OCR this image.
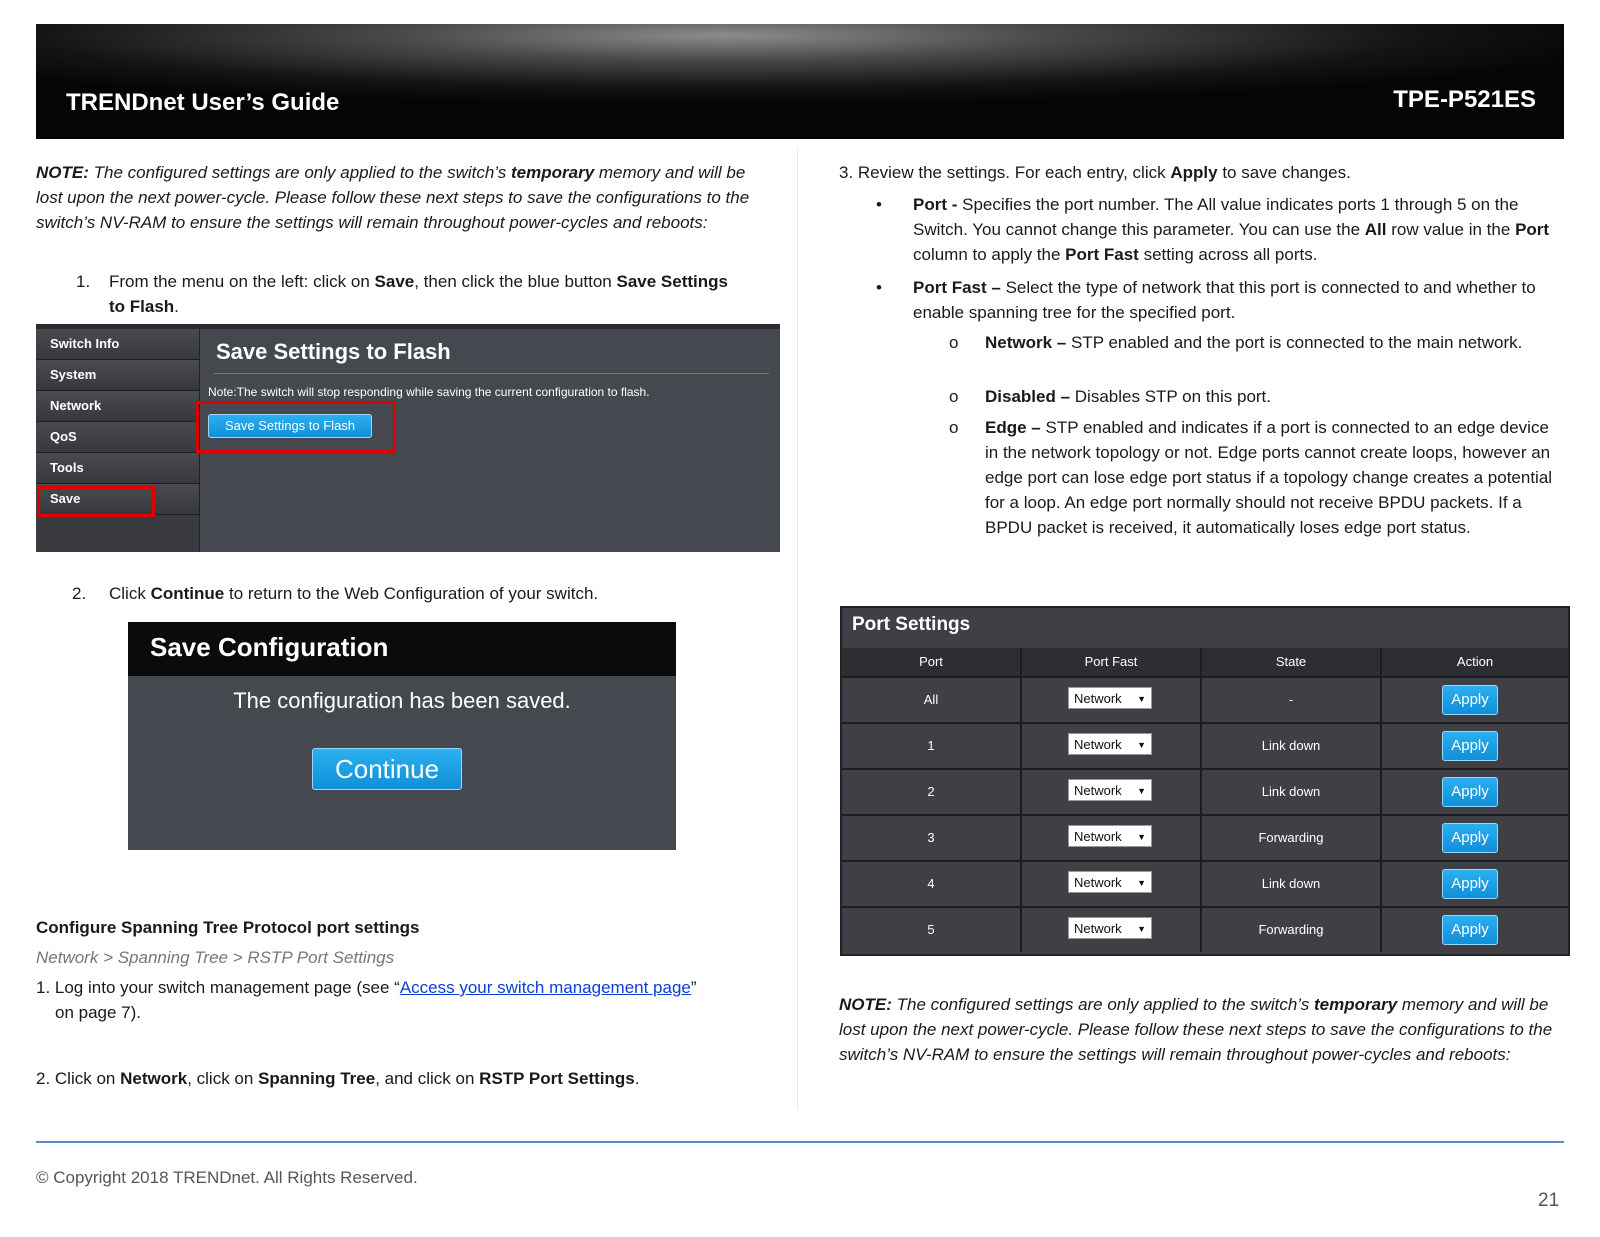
TRENDnet User’s Guide	TPE-P521ES
NOTE: The configured settings are only applied to the switch’s temporary memory and will be lost upon the next power-cycle. Please follow these next steps to save the configurations to the switch’s NV-RAM to ensure the settings will remain throughout power-cycles and reboots:
1. From the menu on the left: click on Save, then click the blue button Save Settings to Flash.
Switch Info
System
Network
QoS
Tools
Save
Save Settings to Flash
Note:The switch will stop responding while saving the current configuration to flash.
Save Settings to Flash
2. Click Continue to return to the Web Configuration of your switch.
Save Configuration
The configuration has been saved.
Continue
Configure Spanning Tree Protocol port settings
Network > Spanning Tree > RSTP Port Settings
1. Log into your switch management page (see “Access your switch management page”
on page 7).
2. Click on Network, click on Spanning Tree, and click on RSTP Port Settings.
3. Review the settings. For each entry, click Apply to save changes.
• Port - Specifies the port number. The All value indicates ports 1 through 5 on the Switch. You cannot change this parameter. You can use the All row value in the Port column to apply the Port Fast setting across all ports.
• Port Fast – Select the type of network that this port is connected to and whether to enable spanning tree for the specified port.
o Network – STP enabled and the port is connected to the main network.
o Disabled – Disables STP on this port.
o Edge – STP enabled and indicates if a port is connected to an edge device in the network topology or not. Edge ports cannot create loops, however an edge port can lose edge port status if a topology change creates a potential for a loop. An edge port normally should not receive BPDU packets. If a BPDU packet is received, it automatically loses edge port status.
Port Settings
Port	Port Fast	State	Action
All	Network ▼	-	Apply
1	Network ▼	Link down	Apply
2	Network ▼	Link down	Apply
3	Network ▼	Forwarding	Apply
4	Network ▼	Link down	Apply
5	Network ▼	Forwarding	Apply
NOTE: The configured settings are only applied to the switch’s temporary memory and will be lost upon the next power-cycle. Please follow these next steps to save the configurations to the switch’s NV-RAM to ensure the settings will remain throughout power-cycles and reboots:
© Copyright 2018 TRENDnet. All Rights Reserved.
21
